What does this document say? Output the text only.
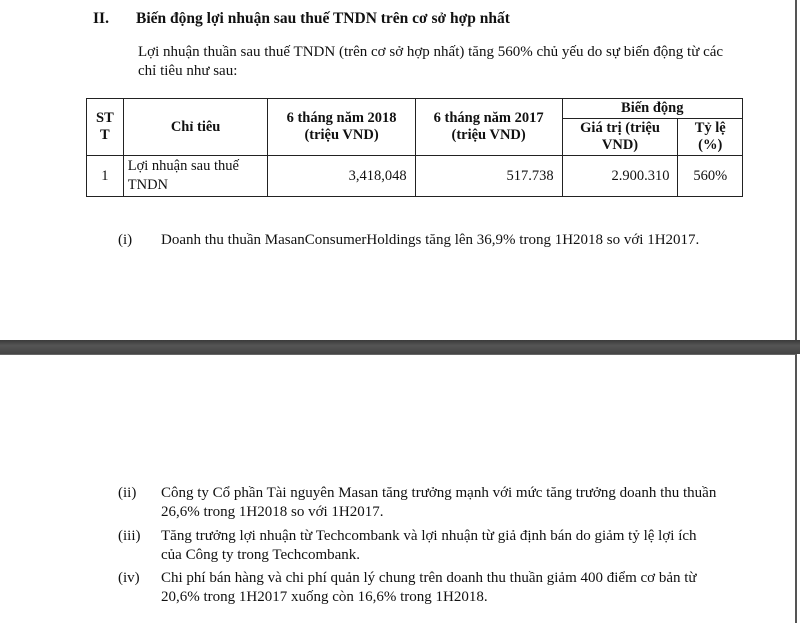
II. Biến động lợi nhuận sau thuế TNDN trên cơ sở hợp nhất
Lợi nhuận thuần sau thuế TNDN (trên cơ sở hợp nhất) tăng 560% chủ yếu do sự biến động từ các chỉ tiêu như sau:
ST T	Chỉ tiêu	6 tháng năm 2018 (triệu VND)	6 tháng năm 2017 (triệu VND)	Biến động	
				Giá trị (triệu VND)	Tỷ lệ (%)
1	Lợi nhuận sau thuế TNDN	3,418,048	517.738	2.900.310	560%
(i) Doanh thu thuần MasanConsumerHoldings tăng lên 36,9% trong 1H2018 so với 1H2017.
(ii) Công ty Cổ phần Tài nguyên Masan tăng trưởng mạnh với mức tăng trưởng doanh thu thuần 26,6% trong 1H2018 so với 1H2017.
(iii) Tăng trưởng lợi nhuận từ Techcombank và lợi nhuận từ giả định bán do giảm tỷ lệ lợi ích của Công ty trong Techcombank.
(iv) Chi phí bán hàng và chi phí quản lý chung trên doanh thu thuần giảm 400 điểm cơ bản từ 20,6% trong 1H2017 xuống còn 16,6% trong 1H2018.
